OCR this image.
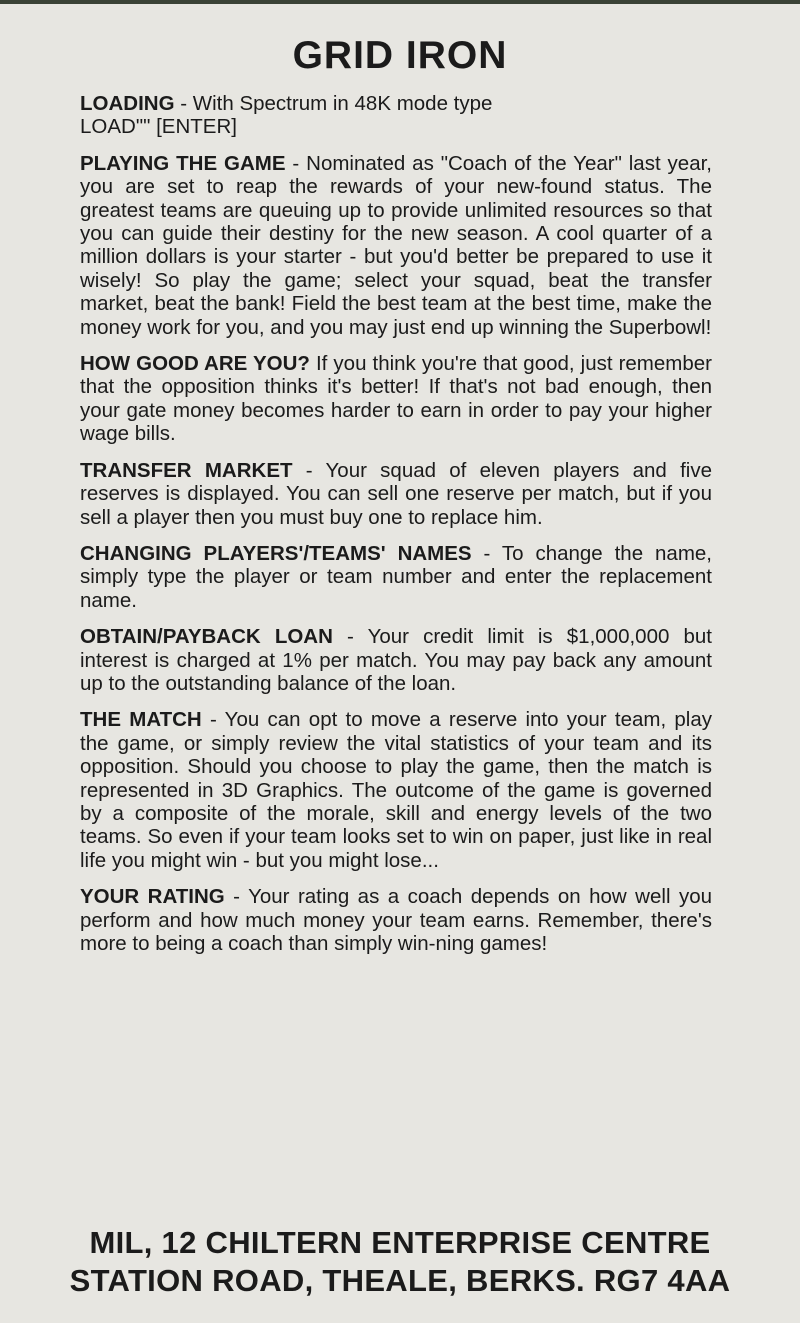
GRID IRON
LOADING - With Spectrum in 48K mode type
LOAD"" [ENTER]

PLAYING THE GAME - Nominated as "Coach of the Year" last year, you are set to reap the rewards of your new-found status. The greatest teams are queuing up to provide unlimited resources so that you can guide their destiny for the new season. A cool quarter of a million dollars is your starter - but you'd better be prepared to use it wisely! So play the game; select your squad, beat the transfer market, beat the bank! Field the best team at the best time, make the money work for you, and you may just end up winning the Superbowl!

HOW GOOD ARE YOU? If you think you're that good, just remember that the opposition thinks it's better! If that's not bad enough, then your gate money becomes harder to earn in order to pay your higher wage bills.

TRANSFER MARKET - Your squad of eleven players and five reserves is displayed. You can sell one reserve per match, but if you sell a player then you must buy one to replace him.

CHANGING PLAYERS'/TEAMS' NAMES - To change the name, simply type the player or team number and enter the replacement name.

OBTAIN/PAYBACK LOAN - Your credit limit is $1,000,000 but interest is charged at 1% per match. You may pay back any amount up to the outstanding balance of the loan.

THE MATCH - You can opt to move a reserve into your team, play the game, or simply review the vital statistics of your team and its opposition. Should you choose to play the game, then the match is represented in 3D Graphics. The outcome of the game is governed by a composite of the morale, skill and energy levels of the two teams. So even if your team looks set to win on paper, just like in real life you might win - but you might lose...

YOUR RATING - Your rating as a coach depends on how well you perform and how much money your team earns. Remember, there's more to being a coach than simply win-ning games!

MIL, 12 CHILTERN ENTERPRISE CENTRE
STATION ROAD, THEALE, BERKS. RG7 4AA
